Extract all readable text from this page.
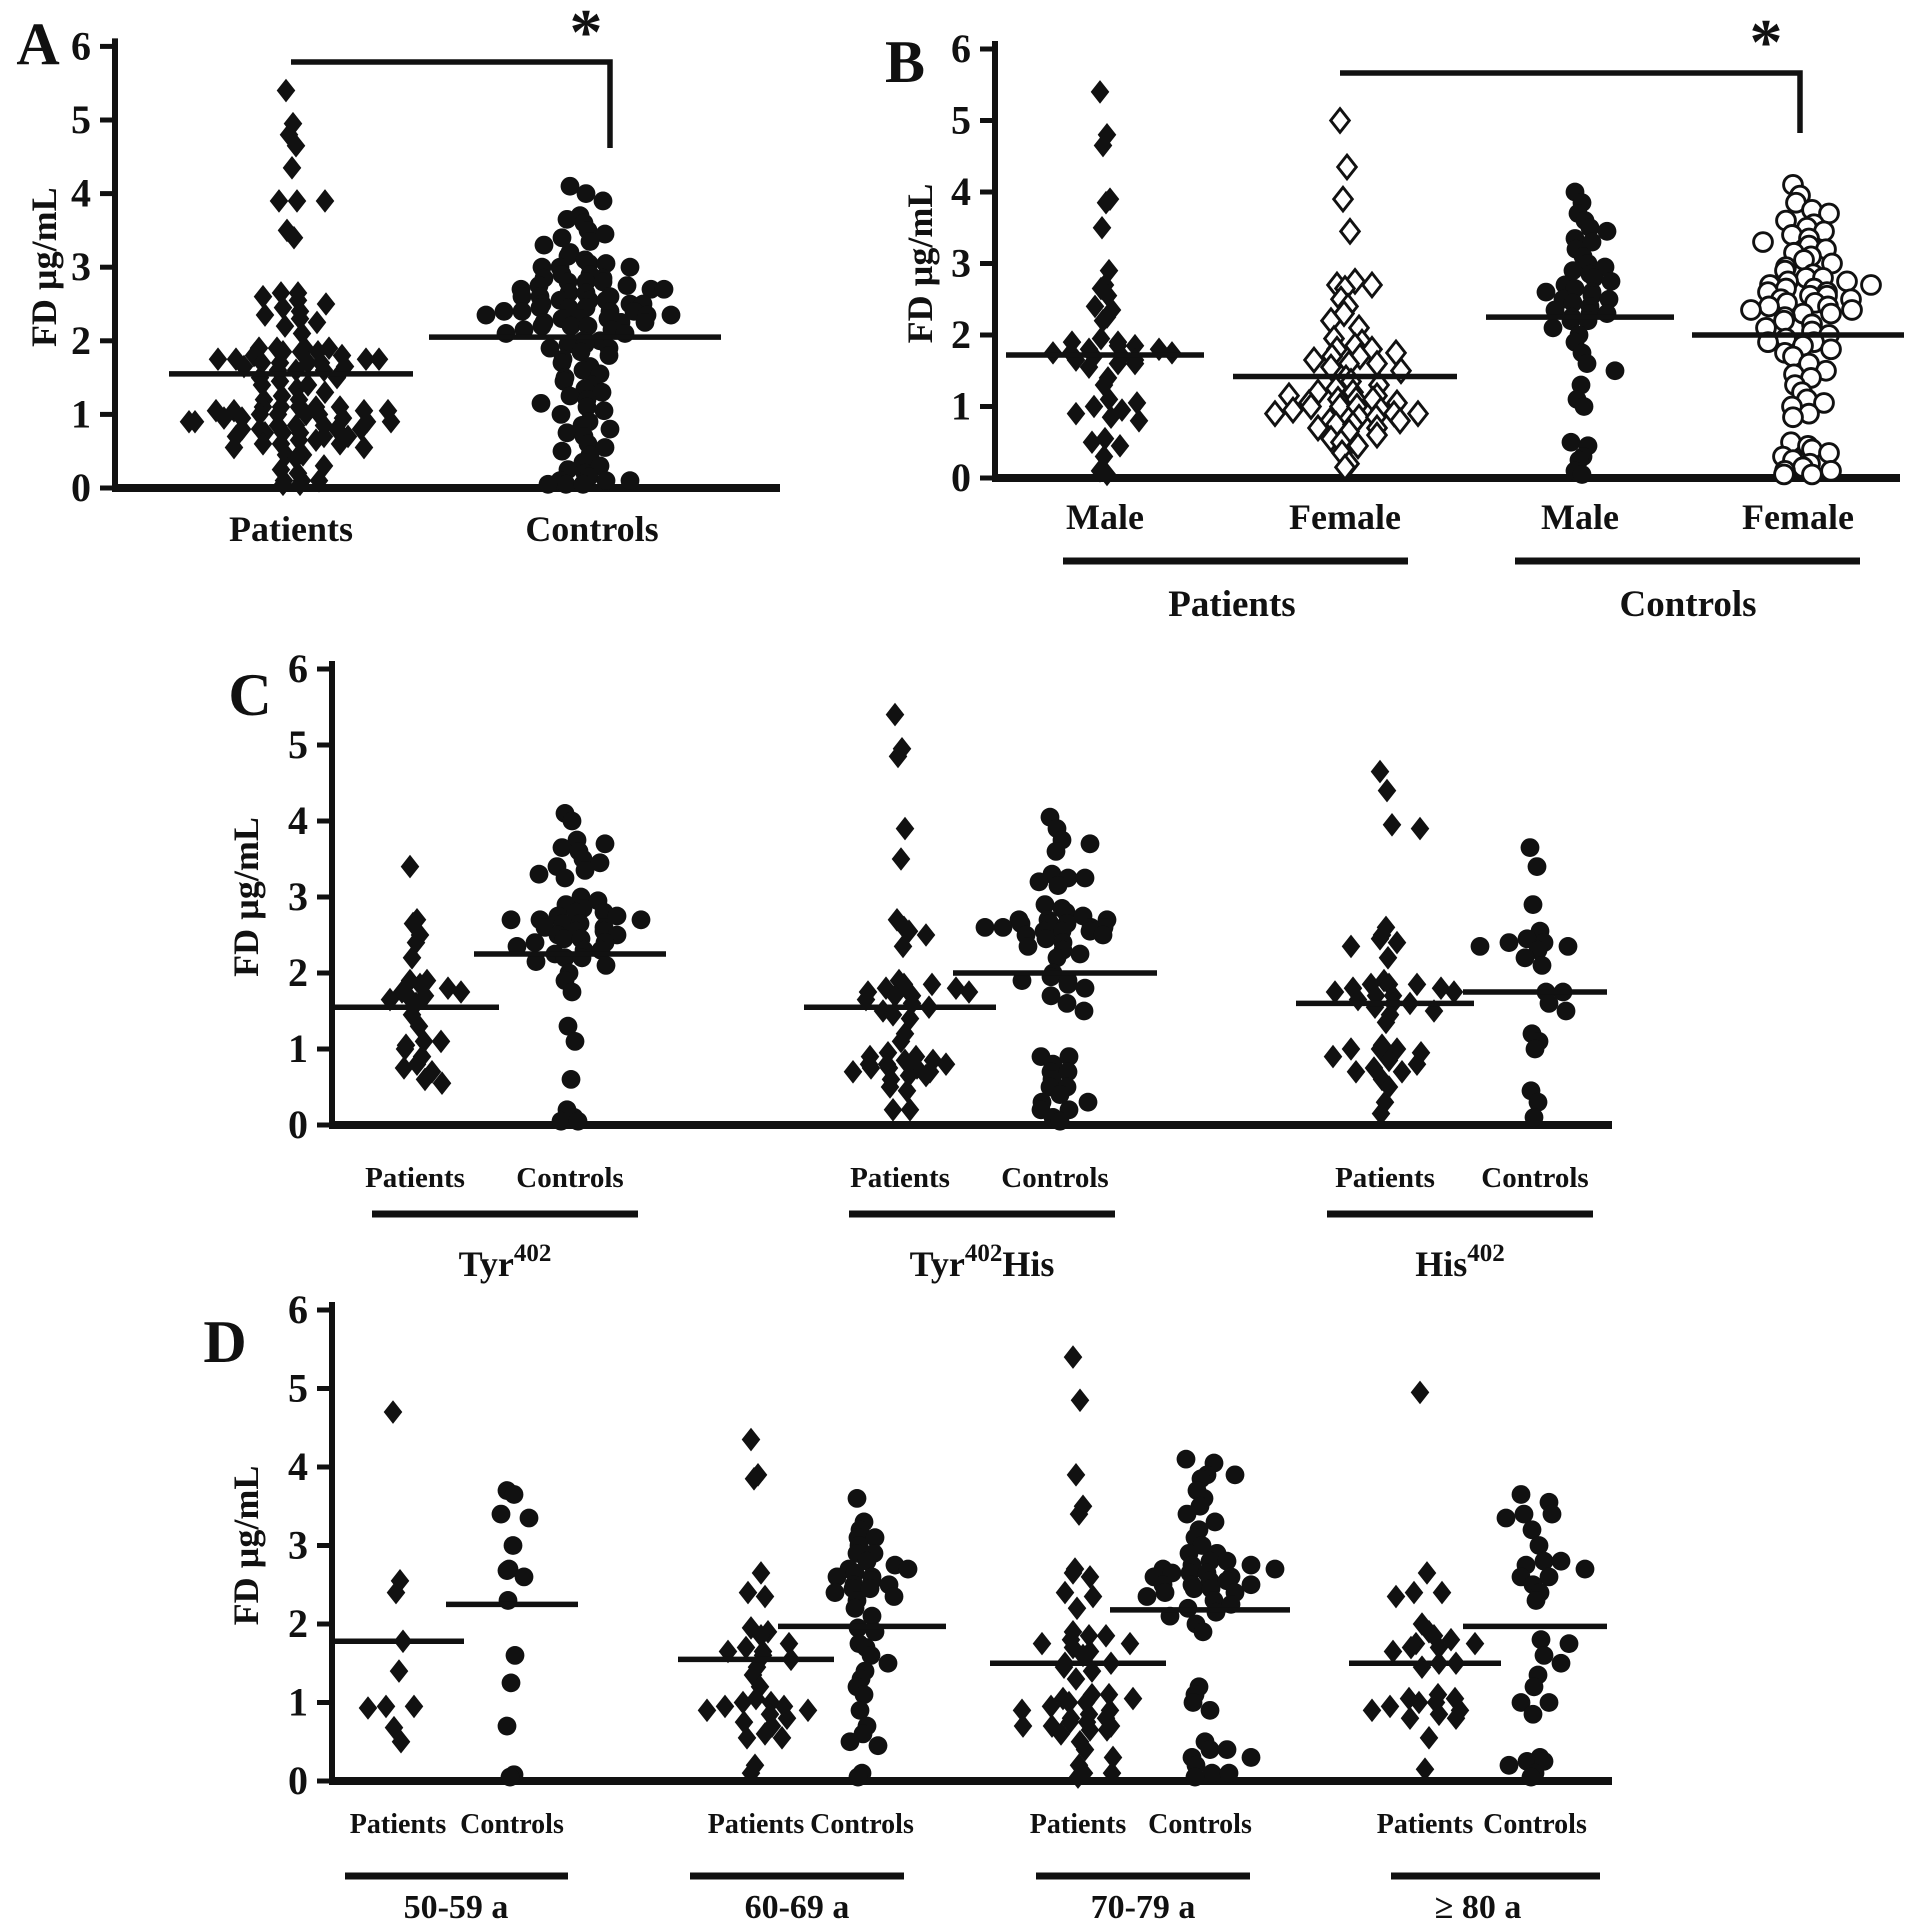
A
0
1
2
3
4
5
6
FD µg/mL
Patients	Controls
*	B
0
1
2
3
4
5
6
FD µg/mL
Male	Female	Male	Female
Patients	Controls
*
C
0
1
2
3
4
5
6
FD µg/mL
Patients Controls	Patients Controls	Patients Controls
Tyr$^{402}$	Tyr$^{402}$His	His$^{402}$
D
0
1
2
3
4
5
6
FD µg/mL
Patients Controls	Patients Controls	Patients Controls	Patients Controls
50-59 a	60-69 a	70-79 a	≥ 80 a
